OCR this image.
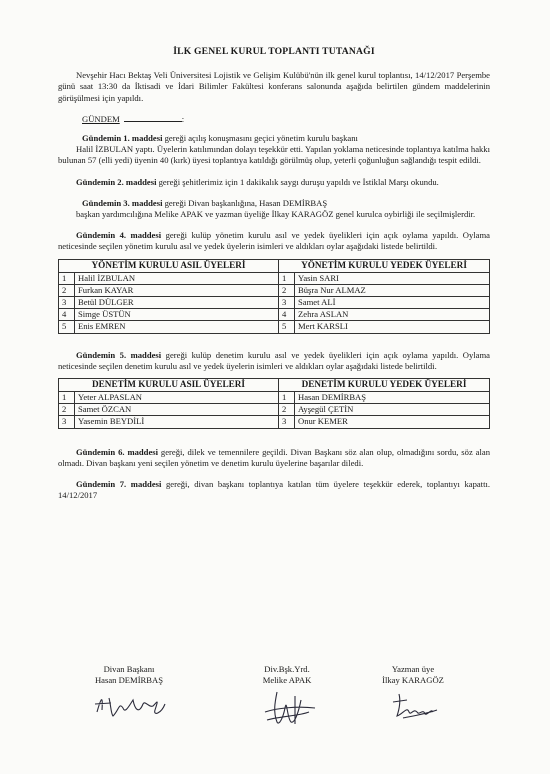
İLK GENEL KURUL TOPLANTI TUTANAĞI

Nevşehir Hacı Bektaş Veli Üniversitesi Lojistik ve Gelişim Kulübü'nün ilk genel kurul toplantısı, 14/12/2017 Perşembe günü saat 13:30 da İktisadi ve İdari Bilimler Fakültesi konferans salonunda aşağıda belirtilen gündem maddelerinin görüşülmesi için yapıldı.

GÜNDEM	:

Gündemin 1. maddesi gereği açılış konuşmasını geçici yönetim kurulu başkanı

Halil İZBULAN yaptı. Üyelerin katılımından dolayı teşekkür etti. Yapılan yoklama neticesinde toplantıya katılma hakkı bulunan 57 (elli yedi) üyenin 40 (kırk) üyesi toplantıya katıldığı görülmüş olup, yeterli çoğunluğun sağlandığı tespit edildi.

Gündemin 2. maddesi gereği şehitlerimiz için 1 dakikalık saygı duruşu yapıldı ve İstiklal Marşı okundu.

Gündemin 3. maddesi gereği Divan başkanlığına, Hasan DEMİRBAŞ

başkan yardımcılığına Melike APAK ve yazman üyeliğe İlkay KARAGÖZ genel kurulca oybirliği ile seçilmişlerdir.

Gündemin 4. maddesi gereği kulüp yönetim kurulu asıl ve yedek üyelikleri için açık oylama yapıldı. Oylama neticesinde seçilen yönetim kurulu asıl ve yedek üyelerin isimleri ve aldıkları oylar aşağıdaki listede belirtildi.

YÖNETİM KURULU ASIL ÜYELERİ		YÖNETİM KURULU YEDEK ÜYELERİ	
1	Halil İZBULAN	1	Yasin SARI
2	Furkan KAYAR	2	Büşra Nur ALMAZ
3	Betül DÜLGER	3	Samet ALİ
4	Simge ÜSTÜN	4	Zehra ASLAN
5	Enis EMREN	5	Mert KARSLI

Gündemin 5. maddesi gereği kulüp denetim kurulu asıl ve yedek üyelikleri için açık oylama yapıldı. Oylama neticesinde seçilen denetim kurulu asıl ve yedek üyelerin isimleri ve aldıkları oylar aşağıdaki listede belirtildi.

DENETİM KURULU ASIL ÜYELERİ		DENETİM KURULU YEDEK ÜYELERİ	
1	Yeter ALPASLAN	1	Hasan DEMİRBAŞ
2	Samet ÖZCAN	2	Ayşegül ÇETİN
3	Yasemin BEYDİLİ	3	Onur KEMER

Gündemin 6. maddesi gereği, dilek ve temennilere geçildi. Divan Başkanı söz alan olup, olmadığını sordu, söz alan olmadı. Divan başkanı yeni seçilen yönetim ve denetim kurulu üyelerine başarılar diledi.

Gündemin 7. maddesi gereği, divan başkanı toplantıya katılan tüm üyelere teşekkür ederek, toplantıyı kapattı. 14/12/2017

Divan Başkanı
Hasan DEMİRBAŞ
Div.Bşk.Yrd.
Melike APAK
Yazman üye
İlkay KARAGÖZ
